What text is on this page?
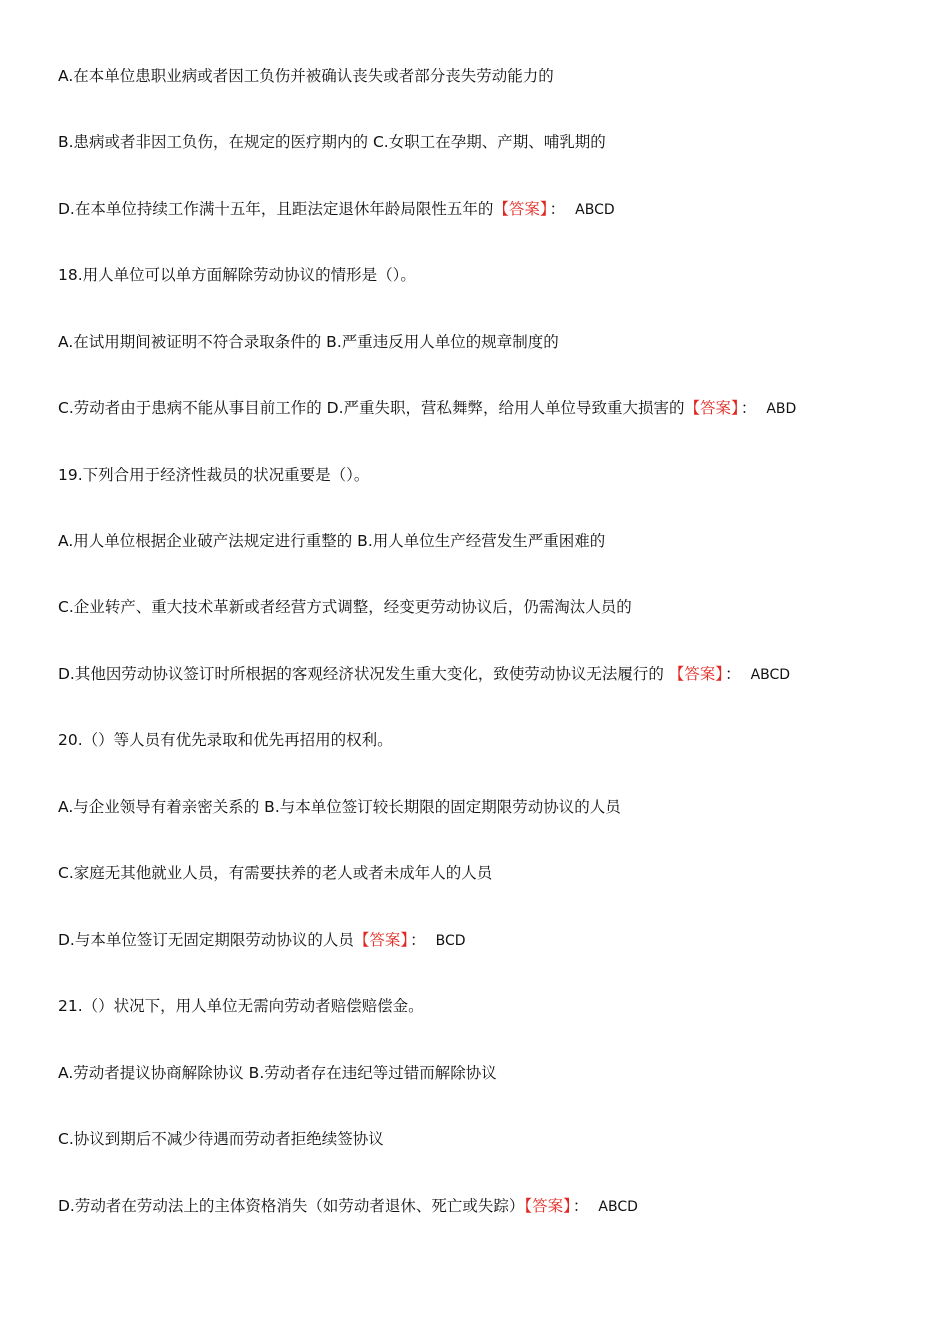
A.在本单位患职业病或者因工负伤并被确认丧失或者部分丧失劳动能力的
B.患病或者非因工负伤，在规定的医疗期内的 C.女职工在孕期、产期、哺乳期的
D.在本单位持续工作满十五年，且距法定退休年龄局限性五年的【答案】 ： ABCD
18.用人单位可以单方面解除劳动协议的情形是（）。
A.在试用期间被证明不符合录取条件的 B.严重违反用人单位的规章制度的
C.劳动者由于患病不能从事目前工作的 D.严重失职，营私舞弊，给用人单位导致重大损害的【答案】 ： ABD
19.下列合用于经济性裁员的状况重要是（）。
A.用人单位根据企业破产法规定进行重整的 B.用人单位生产经营发生严重困难的
C.企业转产、重大技术革新或者经营方式调整，经变更劳动协议后，仍需淘汰人员的
D.其他因劳动协议签订时所根据的客观经济状况发生重大变化，致使劳动协议无法履行的 【答案】 ： ABCD
20.（）等人员有优先录取和优先再招用的权利。
A.与企业领导有着亲密关系的 B.与本单位签订较长期限的固定期限劳动协议的人员
C.家庭无其他就业人员，有需要扶养的老人或者未成年人的人员
D.与本单位签订无固定期限劳动协议的人员【答案】 ： BCD
21.（）状况下，用人单位无需向劳动者赔偿赔偿金。
A.劳动者提议协商解除协议 B.劳动者存在违纪等过错而解除协议
C.协议到期后不减少待遇而劳动者拒绝续签协议
D.劳动者在劳动法上的主体资格消失（如劳动者退休、死亡或失踪）【答案】 ： ABCD
